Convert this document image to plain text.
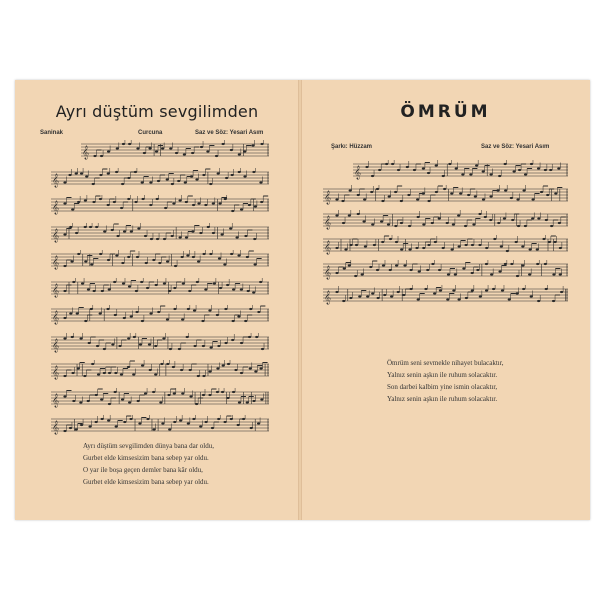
Ayrı düştüm sevgilimden
Saninak	Curcuna	Saz ve Söz: Yesari Asım
𝄞
𝄞
𝄞
𝄞
𝄞
𝄞
𝄞
𝄞
𝄞
𝄞
𝄞
Ayrı düştüm sevgilimden dünya bana dar oldu,
Gurbet elde kimsesizim bana sebep yar oldu.
O yar ile boşa geçen demler bana kâr oldu,
Gurbet elde kimsesizim bana sebep yar oldu.
ÖMRÜM
Şarkı: Hüzzam	Saz ve Söz: Yesari Asım
𝄞
𝄞
𝄞
𝄞
𝄞
𝄞
Ömrüm seni sevmekle nihayet bulacaktır,
Yalnız senin aşkın ile ruhum solacaktır.
Son darbei kalbim yine ismin olacaktır,
Yalnız senin aşkın ile ruhum solacaktır.
